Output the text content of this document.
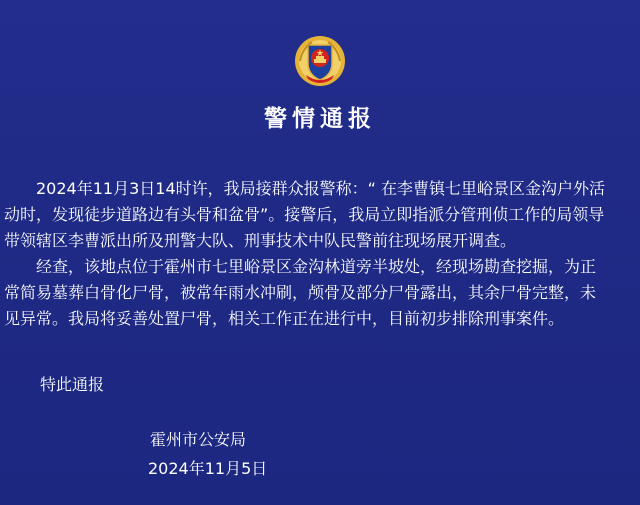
警情通报
2024年11月3日14时许，我局接群众报警称：“ 在李曹镇七里峪景区金沟户外活
动时，发现徒步道路边有头骨和盆骨”。接警后，我局立即指派分管刑侦工作的局领导
带领辖区李曹派出所及刑警大队、刑事技术中队民警前往现场展开调查。
经查，该地点位于霍州市七里峪景区金沟林道旁半坡处，经现场勘查挖掘，为正
常简易墓葬白骨化尸骨，被常年雨水冲刷，颅骨及部分尸骨露出，其余尸骨完整，未
见异常。我局将妥善处置尸骨，相关工作正在进行中，目前初步排除刑事案件。
特此通报
霍州市公安局
2024年11月5日
